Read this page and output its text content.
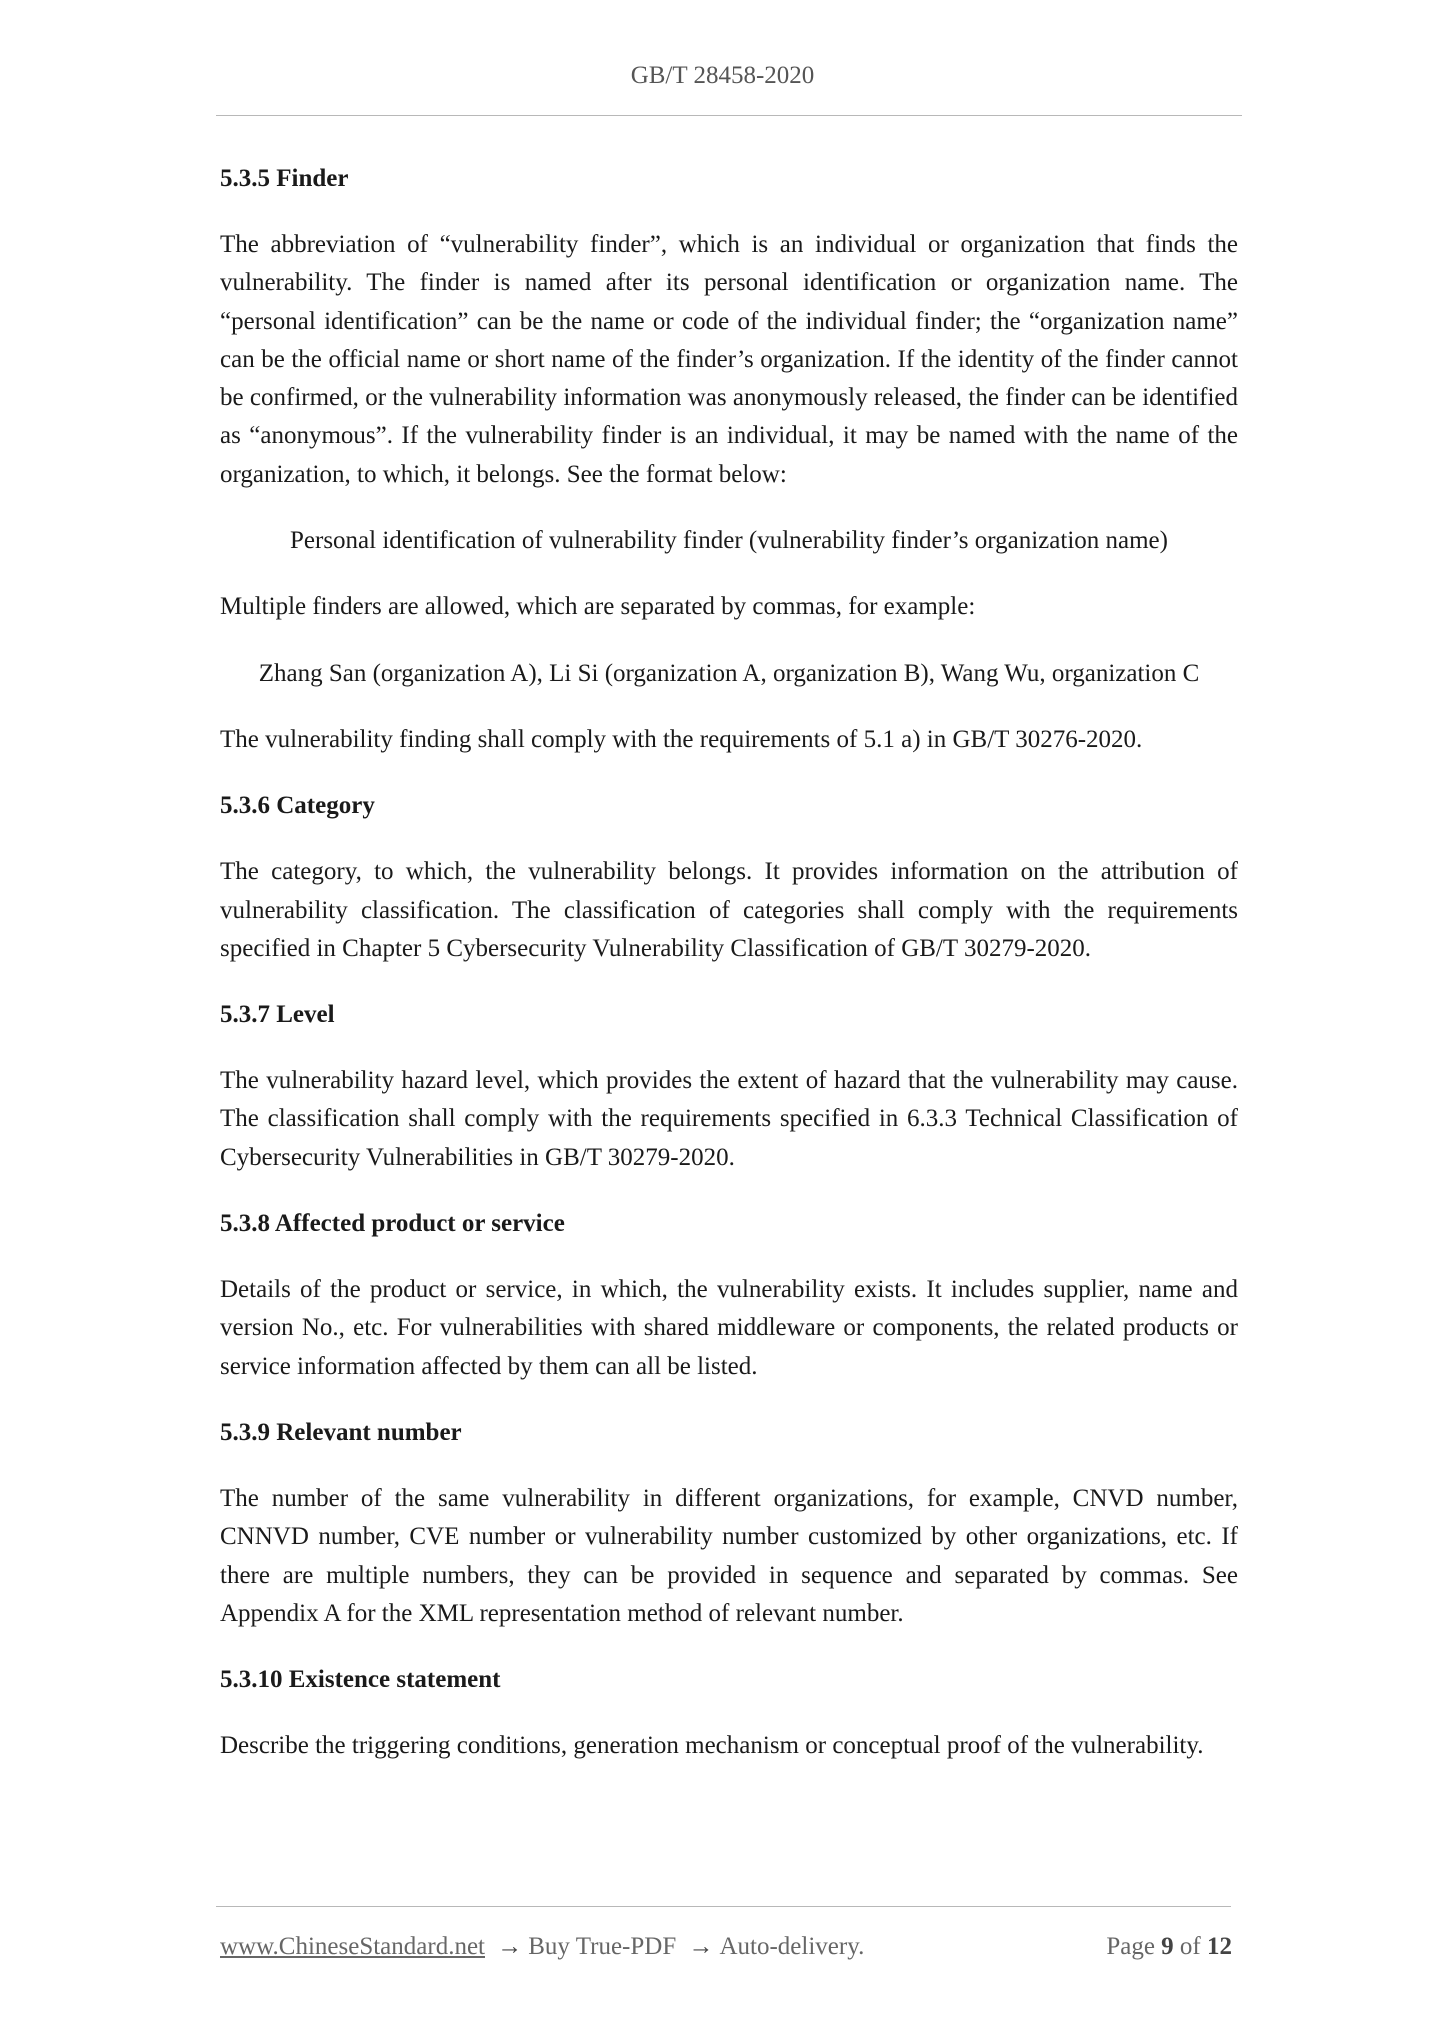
GB/T 28458-2020
5.3.5 Finder

The abbreviation of “vulnerability finder”, which is an individual or organization that finds the vulnerability. The finder is named after its personal identification or organization name. The “personal identification” can be the name or code of the individual finder; the “organization name” can be the official name or short name of the finder’s organization. If the identity of the finder cannot be confirmed, or the vulnerability information was anonymously released, the finder can be identified as “anonymous”. If the vulnerability finder is an individual, it may be named with the name of the organization, to which, it belongs. See the format below:

Personal identification of vulnerability finder (vulnerability finder’s organization name)

Multiple finders are allowed, which are separated by commas, for example:

Zhang San (organization A), Li Si (organization A, organization B), Wang Wu, organization C

The vulnerability finding shall comply with the requirements of 5.1 a) in GB/T 30276-2020.

5.3.6 Category

The category, to which, the vulnerability belongs. It provides information on the attribution of vulnerability classification. The classification of categories shall comply with the requirements specified in Chapter 5 Cybersecurity Vulnerability Classification of GB/T 30279-2020.

5.3.7 Level

The vulnerability hazard level, which provides the extent of hazard that the vulnerability may cause. The classification shall comply with the requirements specified in 6.3.3 Technical Classification of Cybersecurity Vulnerabilities in GB/T 30279-2020.

5.3.8 Affected product or service

Details of the product or service, in which, the vulnerability exists. It includes supplier, name and version No., etc. For vulnerabilities with shared middleware or components, the related products or service information affected by them can all be listed.

5.3.9 Relevant number

The number of the same vulnerability in different organizations, for example, CNVD number, CNNVD number, CVE number or vulnerability number customized by other organizations, etc. If there are multiple numbers, they can be provided in sequence and separated by commas. See Appendix A for the XML representation method of relevant number.

5.3.10 Existence statement

Describe the triggering conditions, generation mechanism or conceptual proof of the vulnerability.

www.ChineseStandard.net → Buy True-PDF → Auto-delivery.	Page 9 of 12
